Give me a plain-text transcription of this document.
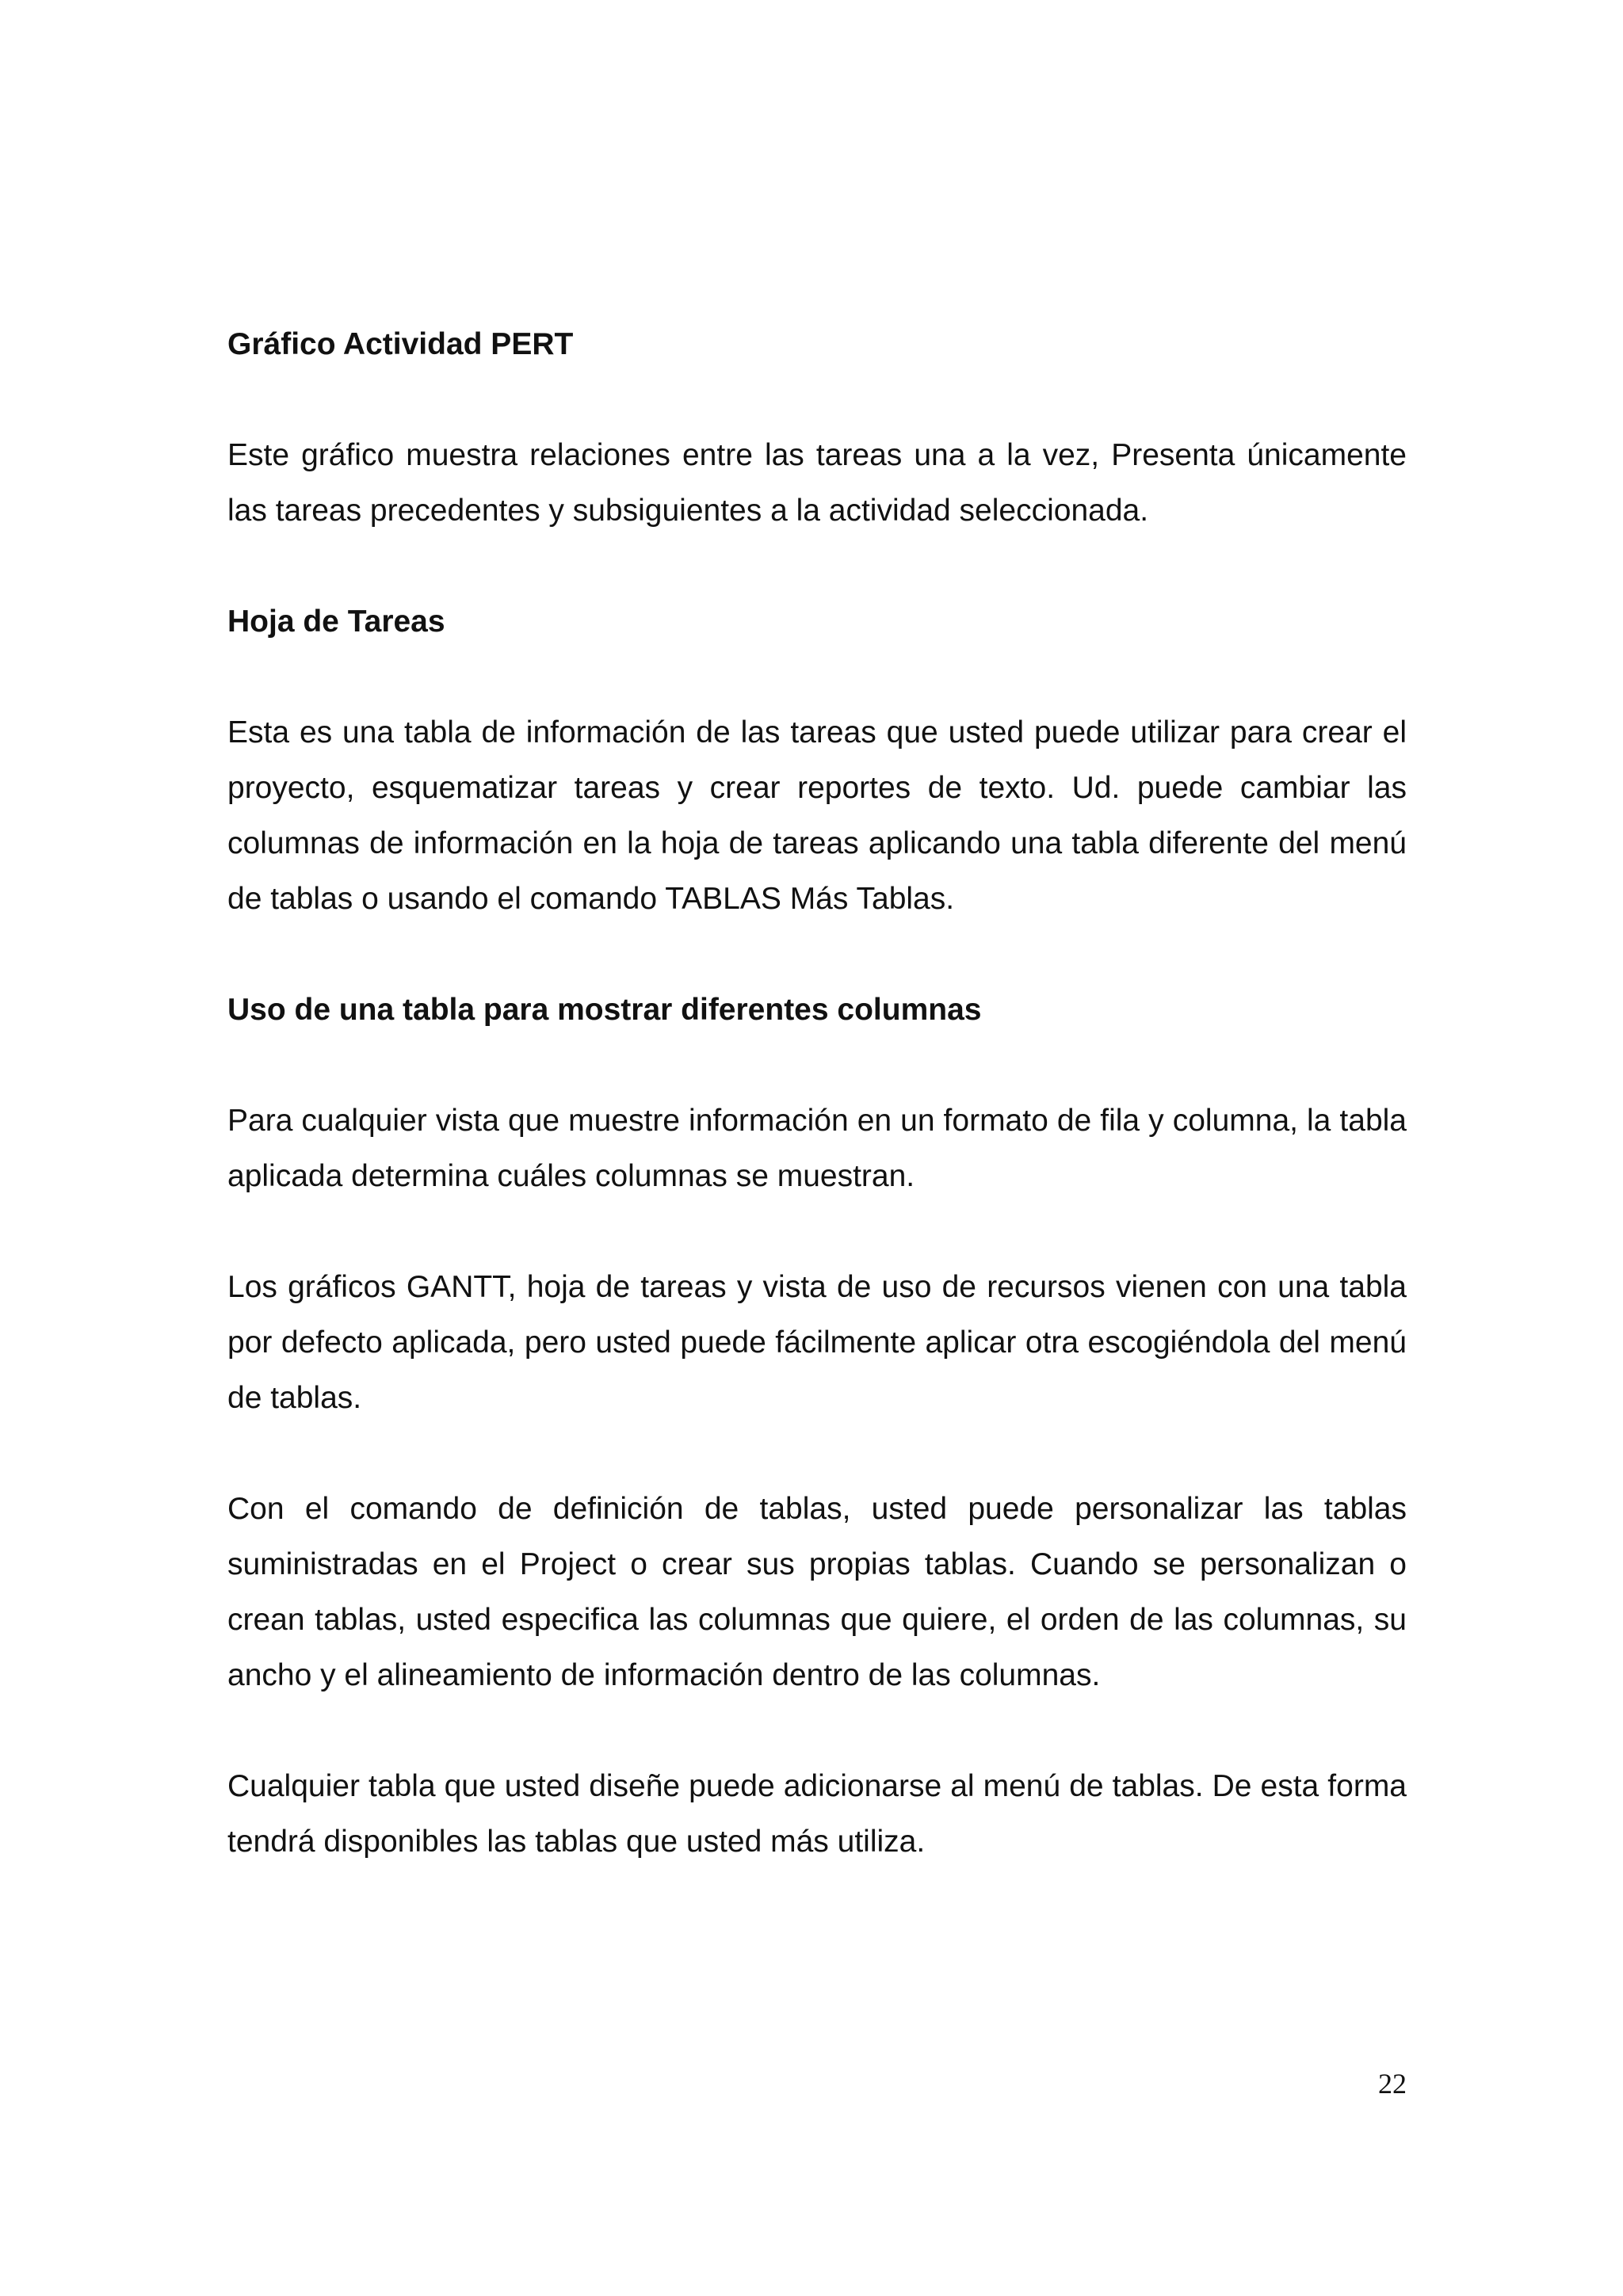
Gráfico Actividad PERT

Este gráfico muestra relaciones entre las tareas una a la vez, Presenta únicamente las tareas precedentes y subsiguientes a la actividad seleccionada.

Hoja de Tareas

Esta es una tabla de información de las tareas que usted puede utilizar para crear el proyecto, esquematizar tareas y crear reportes de texto. Ud. puede cambiar las columnas de información en la hoja de tareas aplicando una tabla diferente del menú de tablas o usando el comando TABLAS Más Tablas.

Uso de una tabla para mostrar diferentes columnas

Para cualquier vista que muestre información en un formato de fila y columna, la tabla aplicada determina cuáles columnas se muestran.

Los gráficos GANTT, hoja de tareas y vista de uso de recursos vienen con una tabla por defecto aplicada, pero usted puede fácilmente aplicar otra escogiéndola del menú de tablas.

Con el comando de definición de tablas, usted puede personalizar las tablas suministradas en el Project o crear sus propias tablas. Cuando se personalizan o crean tablas, usted especifica las columnas que quiere, el orden de las columnas, su ancho y el alineamiento de información dentro de las columnas.

Cualquier tabla que usted diseñe puede adicionarse al menú de tablas. De esta forma tendrá disponibles las tablas que usted más utiliza.

22
